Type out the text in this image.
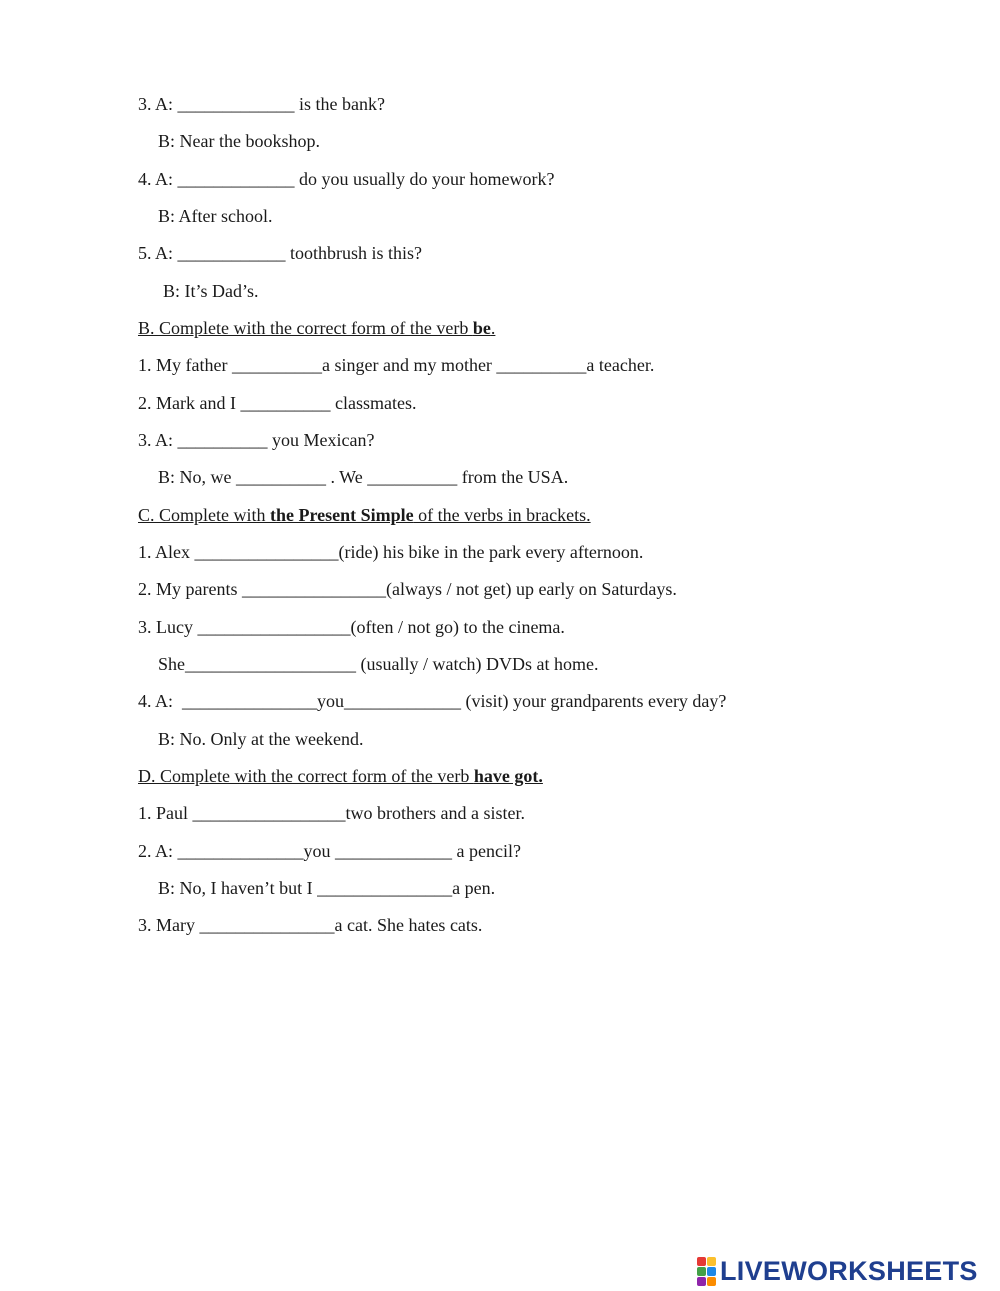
3. A: _____________ is the bank?
B: Near the bookshop.
4. A: _____________ do you usually do your homework?
B: After school.
5. A: ____________ toothbrush is this?
B: It’s Dad’s.
B. Complete with the correct form of the verb be.
1. My father __________a singer and my mother __________a teacher.
2. Mark and I __________ classmates.
3. A: __________ you Mexican?
B: No, we __________ . We __________ from the USA.
C. Complete with the Present Simple of the verbs in brackets.
1. Alex ________________(ride) his bike in the park every afternoon.
2. My parents ________________(always / not get) up early on Saturdays.
3. Lucy _________________(often / not go) to the cinema.
She___________________ (usually / watch) DVDs at home.
4. A:  _______________you_____________ (visit) your grandparents every day?
B: No. Only at the weekend.
D. Complete with the correct form of the verb have got.
1. Paul _________________two brothers and a sister.
2. A: ______________you _____________ a pencil?
B: No, I haven’t but I _______________a pen.
3. Mary _______________a cat. She hates cats.
LIVEWORKSHEETS
